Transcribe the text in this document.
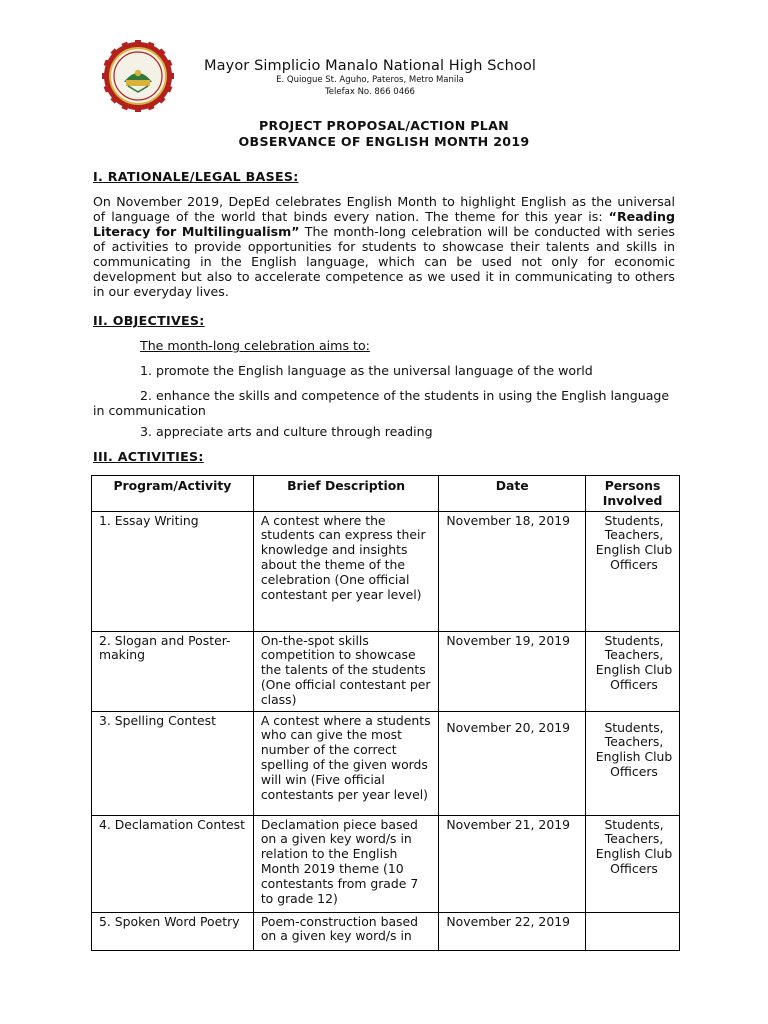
Mayor Simplicio Manalo National High School
E. Quiogue St. Aguho, Pateros, Metro Manila
Telefax No. 866 0466
PROJECT PROPOSAL/ACTION PLAN
OBSERVANCE OF ENGLISH MONTH 2019
I. RATIONALE/LEGAL BASES:

On November 2019, DepEd celebrates English Month to highlight English as the universal of language of the world that binds every nation. The theme for this year is: “Reading Literacy for Multilingualism” The month-long celebration will be conducted with series of activities to provide opportunities for students to showcase their talents and skills in communicating in the English language, which can be used not only for economic development but also to accelerate competence as we used it in communicating to others in our everyday lives.

II. OBJECTIVES:
The month-long celebration aims to:
1. promote the English language as the universal language of the world
2. enhance the skills and competence of the students in using the English language in communication
3. appreciate arts and culture through reading
III. ACTIVITIES:
Program/Activity	Brief Description	Date	Persons Involved
1. Essay Writing	A contest where the students can express their knowledge and insights about the theme of the celebration (One official contestant per year level)	November 18, 2019	Students, Teachers, English Club Officers
2. Slogan and Poster-making	On-the-spot skills competition to showcase the talents of the students (One official contestant per class)	November 19, 2019	Students, Teachers, English Club Officers
3. Spelling Contest	A contest where a students who can give the most number of the correct spelling of the given words will win (Five official contestants per year level)	November 20, 2019	Students, Teachers, English Club Officers
4. Declamation Contest	Declamation piece based on a given key word/s in relation to the English Month 2019 theme (10 contestants from grade 7 to grade 12)	November 21, 2019	Students, Teachers, English Club Officers
5. Spoken Word Poetry	Poem-construction based on a given key word/s in	November 22, 2019	
